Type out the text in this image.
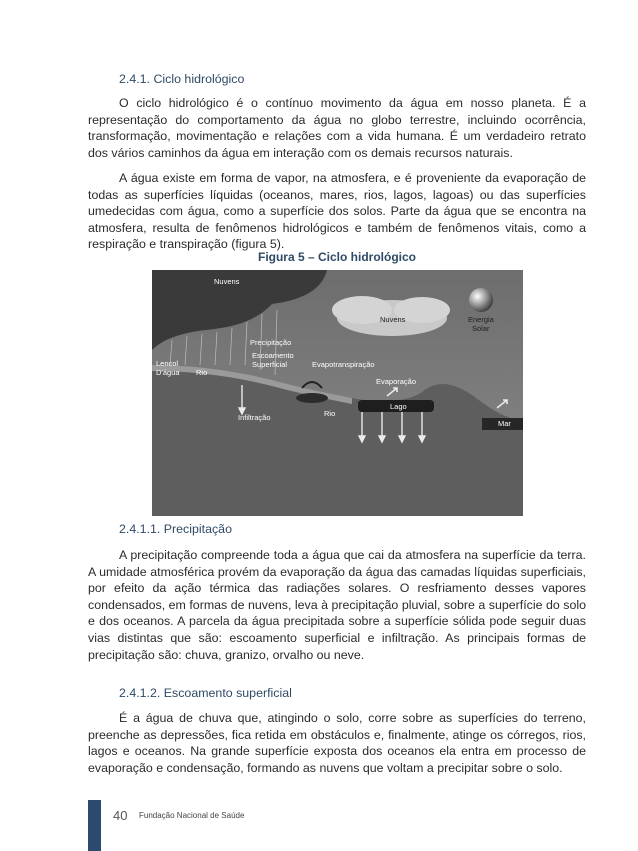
2.4.1. Ciclo hidrológico

O ciclo hidrológico é o contínuo movimento da água em nosso planeta. É a representação do comportamento da água no globo terrestre, incluindo ocorrência, transformação, movimentação e relações com a vida humana. É um verdadeiro retrato dos vários caminhos da água em interação com os demais recursos naturais.

A água existe em forma de vapor, na atmosfera, e é proveniente da evaporação de todas as superfícies líquidas (oceanos, mares, rios, lagos, lagoas) ou das superfícies umedecidas com água, como a superfície dos solos. Parte da água que se encontra na atmosfera, resulta de fenômenos hidrológicos e também de fenômenos vitais, como a respiração e transpiração (figura 5).

Figura 5 – Ciclo hidrológico
Nuvens
Nuvens	Energia
Solar
Precipitação
Escoamento
Superficial	Evapotranspiração
Lencol
D'água Rio
Evaporação
Infiltração	Rio
Lago
Mar
2.4.1.1. Precipitação

A precipitação compreende toda a água que cai da atmosfera na superfície da terra. A umidade atmosférica provém da evaporação da água das camadas líquidas superficiais, por efeito da ação térmica das radiações solares. O resfriamento desses vapores condensados, em formas de nuvens, leva à precipitação pluvial, sobre a superfície do solo e dos oceanos. A parcela da água precipitada sobre a superfície sólida pode seguir duas vias distintas que são: escoamento superficial e infiltração. As principais formas de precipitação são: chuva, granizo, orvalho ou neve.

2.4.1.2. Escoamento superficial

É a água de chuva que, atingindo o solo, corre sobre as superfícies do terreno, preenche as depressões, fica retida em obstáculos e, finalmente, atinge os córregos, rios, lagos e oceanos. Na grande superfície exposta dos oceanos ela entra em processo de evaporação e condensação, formando as nuvens que voltam a precipitar sobre o solo.

40 Fundação Nacional de Saúde
